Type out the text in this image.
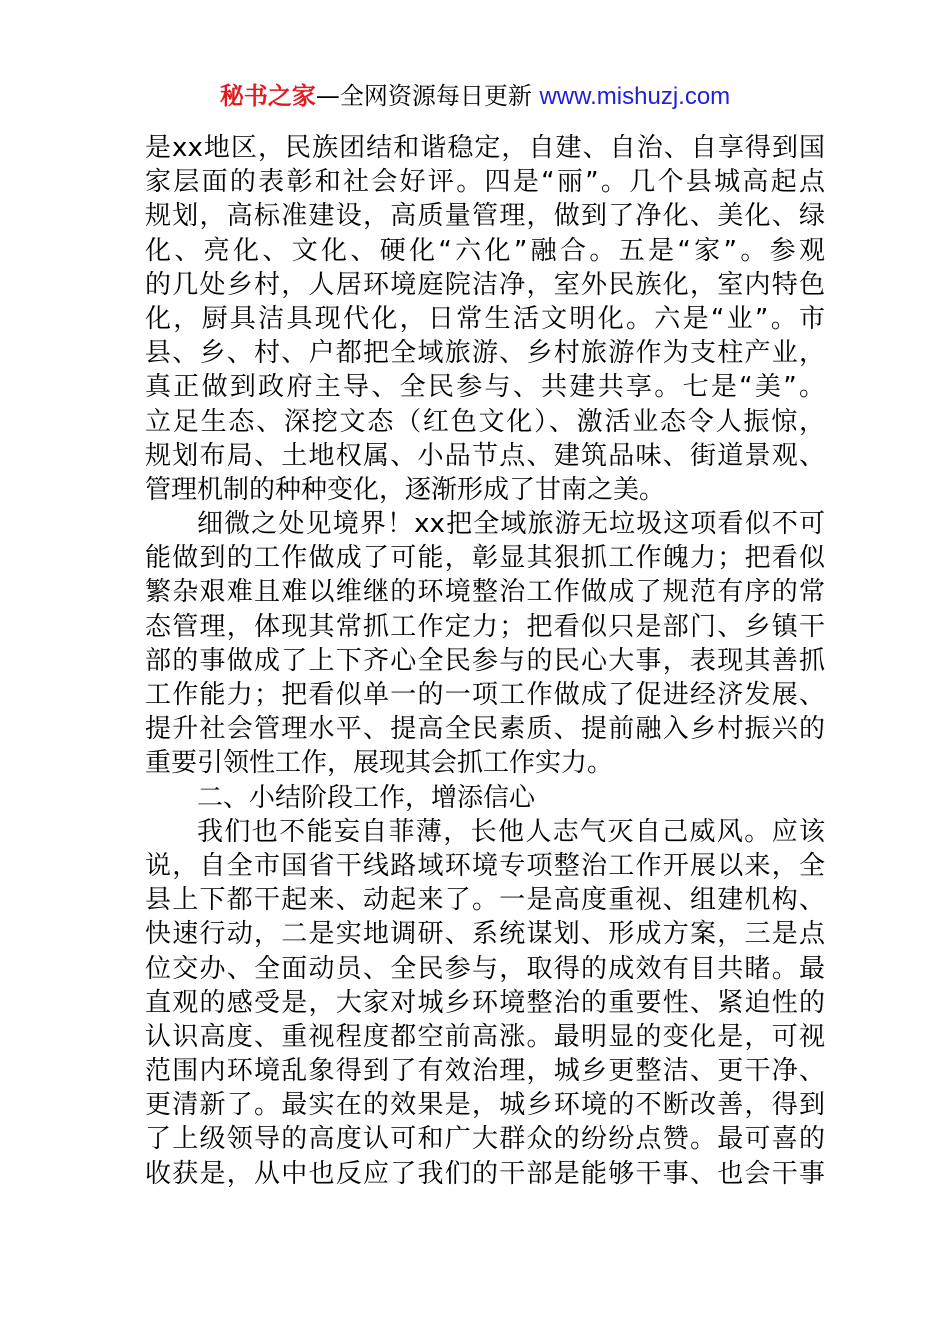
秘书之家—全网资源每日更新 www.mishuzj.com
是xx地区，民族团结和谐稳定，自建、自治、自享得到国
家层面的表彰和社会好评。四是“丽”。几个县城高起点
规划，高标准建设，高质量管理，做到了净化、美化、绿
化、亮化、文化、硬化“六化”融合。五是“家”。参观
的几处乡村，人居环境庭院洁净，室外民族化，室内特色
化，厨具洁具现代化，日常生活文明化。六是“业”。市
县、乡、村、户都把全域旅游、乡村旅游作为支柱产业，
真正做到政府主导、全民参与、共建共享。七是“美”。
立足生态、深挖文态（红色文化）、激活业态令人振惊，
规划布局、土地权属、小品节点、建筑品味、街道景观、
管理机制的种种变化，逐渐形成了甘南之美。
细微之处见境界！xx把全域旅游无垃圾这项看似不可
能做到的工作做成了可能，彰显其狠抓工作魄力；把看似
繁杂艰难且难以维继的环境整治工作做成了规范有序的常
态管理，体现其常抓工作定力；把看似只是部门、乡镇干
部的事做成了上下齐心全民参与的民心大事，表现其善抓
工作能力；把看似单一的一项工作做成了促进经济发展、
提升社会管理水平、提高全民素质、提前融入乡村振兴的
重要引领性工作，展现其会抓工作实力。
二、小结阶段工作，增添信心
我们也不能妄自菲薄，长他人志气灭自己威风。应该
说，自全市国省干线路域环境专项整治工作开展以来，全
县上下都干起来、动起来了。一是高度重视、组建机构、
快速行动，二是实地调研、系统谋划、形成方案，三是点
位交办、全面动员、全民参与，取得的成效有目共睹。最
直观的感受是，大家对城乡环境整治的重要性、紧迫性的
认识高度、重视程度都空前高涨。最明显的变化是，可视
范围内环境乱象得到了有效治理，城乡更整洁、更干净、
更清新了。最实在的效果是，城乡环境的不断改善，得到
了上级领导的高度认可和广大群众的纷纷点赞。最可喜的
收获是，从中也反应了我们的干部是能够干事、也会干事
